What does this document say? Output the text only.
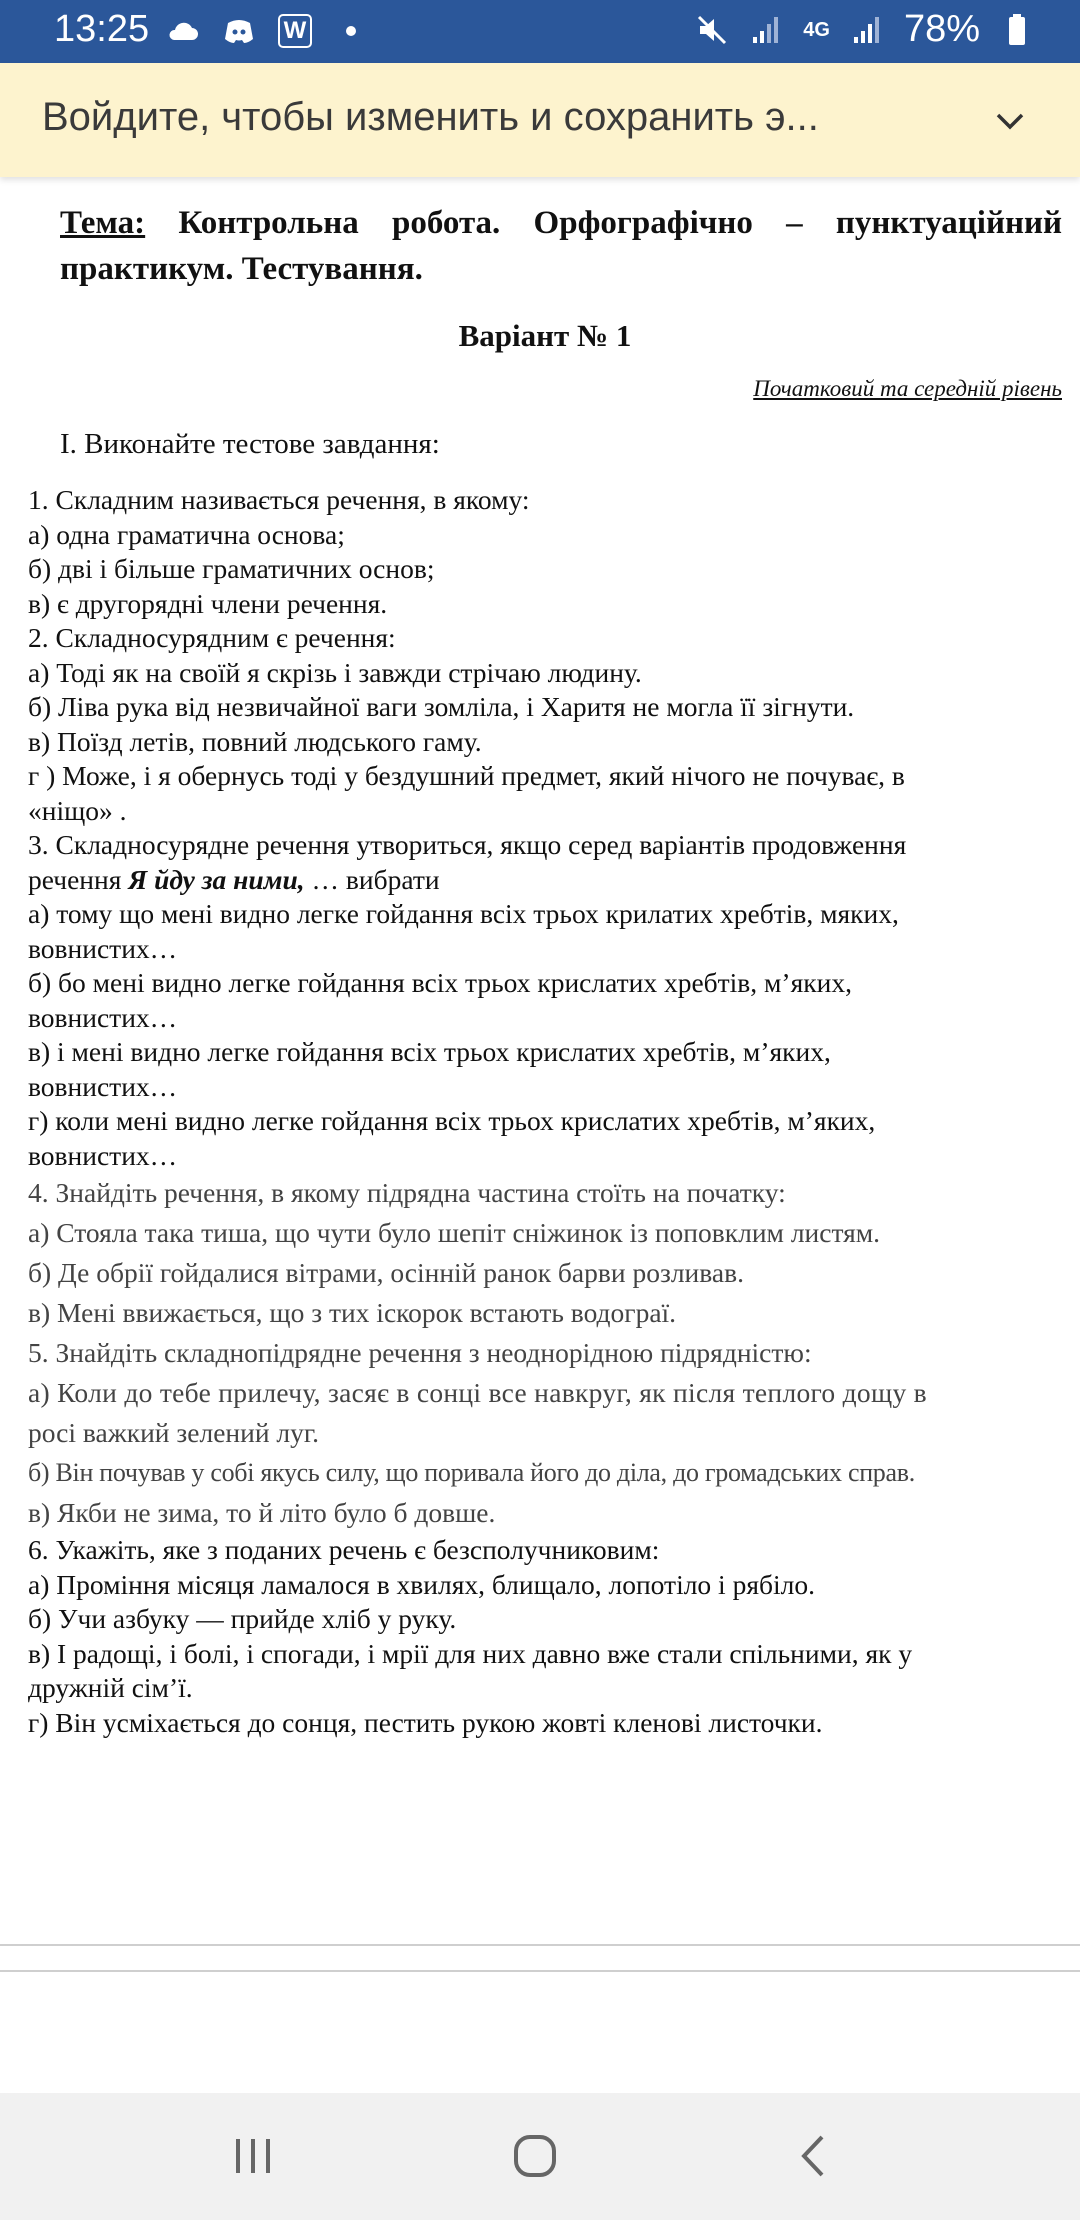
13:25	W	4G 78%
Войдите, чтобы изменить и сохранить э...
Тема: Контрольна робота. Орфографічно – пунктуаційний практикум. Тестування.
Варіант № 1
Початковий та середній рівень
I. Виконайте тестове завдання:
1. Складним називається речення, в якому:
а) одна граматична основа;
б) дві і більше граматичних основ;
в) є другорядні члени речення.
2. Складносурядним є речення:
а) Тоді як на своїй я скрізь і завжди стрічаю людину.
б) Ліва рука від незвичайної ваги зомліла, і Харитя не могла її зігнути.
в) Поїзд летів, повний людського гаму.
г ) Може, і я обернусь тоді у бездушний предмет, який нічого не почуває, в
«ніщо» .
3. Складносурядне речення утвориться, якщо серед варіантів продовження
речення Я йду за ними, … вибрати
а) тому що мені видно легке гойдання всіх трьох крилатих хребтів, мяких,
вовнистих…
б) бо мені видно легке гойдання всіх трьох крислатих хребтів, м’яких,
вовнистих…
в) і мені видно легке гойдання всіх трьох крислатих хребтів, м’яких,
вовнистих…
г) коли мені видно легке гойдання всіх трьох крислатих хребтів, м’яких,
вовнистих…
4. Знайдіть речення, в якому підрядна частина стоїть на початку:
а) Стояла така тиша, що чути було шепіт сніжинок із поповклим листям.
б) Де обрії гойдалися вітрами, осінній ранок барви розливав.
в) Мені ввижається, що з тих іскорок встають водограї.
5. Знайдіть складнопідрядне речення з неоднорідною підрядністю:
а) Коли до тебе прилечу, засяє в сонці все навкруг, як після теплого дощу в
росі важкий зелений луг.
б) Він почував у собі якусь силу, що поривала його до діла, до громадських справ.
в) Якби не зима, то й літо було б довше.
6. Укажіть, яке з поданих речень є безсполучниковим:
а) Проміння місяця ламалося в хвилях, блищало, лопотіло і рябіло.
б) Учи азбуку — прийде хліб у руку.
в) І радощі, і болі, і спогади, і мрії для них давно вже стали спільними, як у
дружній сім’ї.
г) Він усміхається до сонця, пестить рукою жовті кленові листочки.
